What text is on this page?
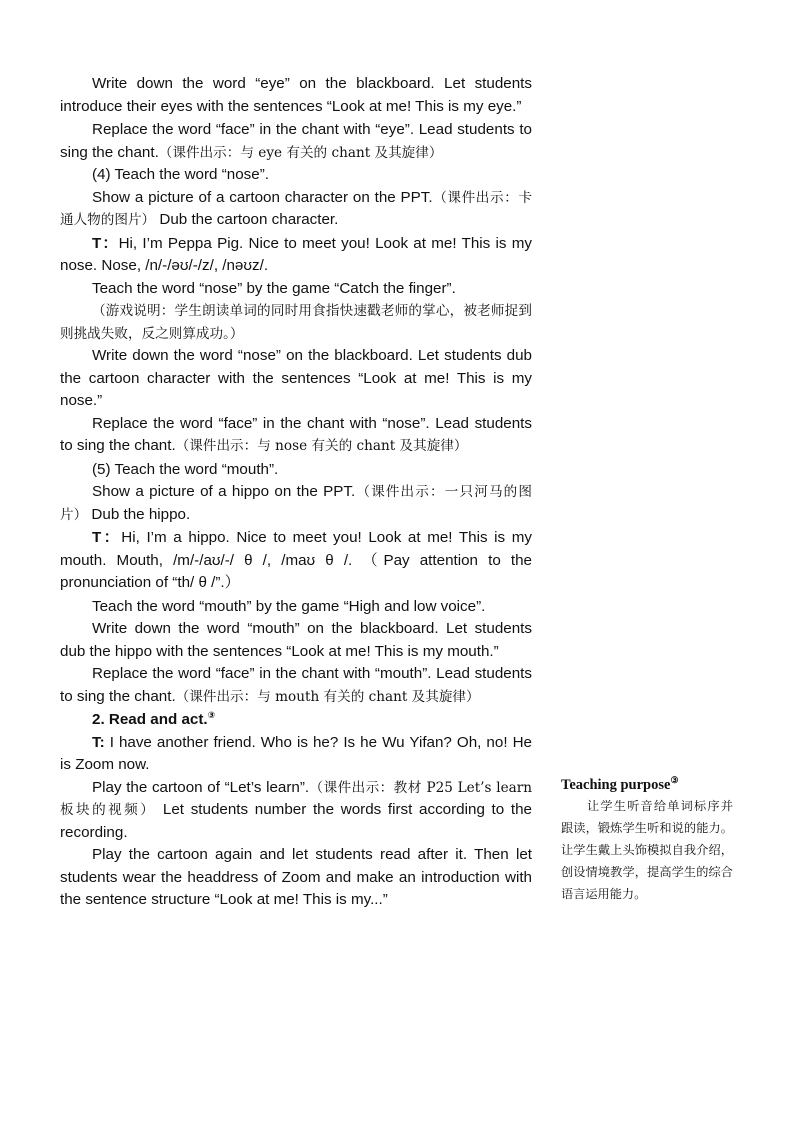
Write down the word “eye” on the blackboard. Let students introduce their eyes with the sentences “Look at me! This is my eye.”

Replace the word “face” in the chant with “eye”. Lead students to sing the chant.（课件出示：与 eye 有关的 chant 及其旋律）

(4) Teach the word “nose”.

Show a picture of a cartoon character on the PPT.（课件出示：卡通人物的图片） Dub the cartoon character.

T：Hi, I’m Peppa Pig. Nice to meet you! Look at me! This is my nose. Nose, /n/-/əʊ/-/z/, /nəʊz/.

Teach the word “nose” by the game “Catch the finger”.

（游戏说明：学生朗读单词的同时用食指快速戳老师的掌心，被老师捉到则挑战失败，反之则算成功。）

Write down the word “nose” on the blackboard. Let students dub the cartoon character with the sentences “Look at me! This is my nose.”

Replace the word “face” in the chant with “nose”. Lead students to sing the chant.（课件出示：与 nose 有关的 chant 及其旋律）

(5) Teach the word “mouth”.

Show a picture of a hippo on the PPT.（课件出示：一只河马的图片） Dub the hippo.

T：Hi, I’m a hippo. Nice to meet you! Look at me! This is my mouth. Mouth, /m/-/aʊ/-/ θ /, /maʊ θ /. （Pay attention to the pronunciation of “th/ θ /”.）

Teach the word “mouth” by the game “High and low voice”.

Write down the word “mouth” on the blackboard. Let students dub the hippo with the sentences “Look at me! This is my mouth.”

Replace the word “face” in the chant with “mouth”. Lead students to sing the chant.（课件出示：与 mouth 有关的 chant 及其旋律）

2. Read and act.③

T: I have another friend. Who is he? Is he Wu Yifan? Oh, no! He is Zoom now.

Play the cartoon of “Let’s learn”.（课件出示：教材 P25 Let’s learn 板块的视频） Let students number the words first according to the recording.

Play the cartoon again and let students read after it. Then let students wear the headdress of Zoom and make an introduction with the sentence structure “Look at me! This is my...”

Teaching purpose③

让学生听音给单词标序并跟读，锻炼学生听和说的能力。让学生戴上头饰模拟自我介绍，创设情境教学，提高学生的综合语言运用能力。
